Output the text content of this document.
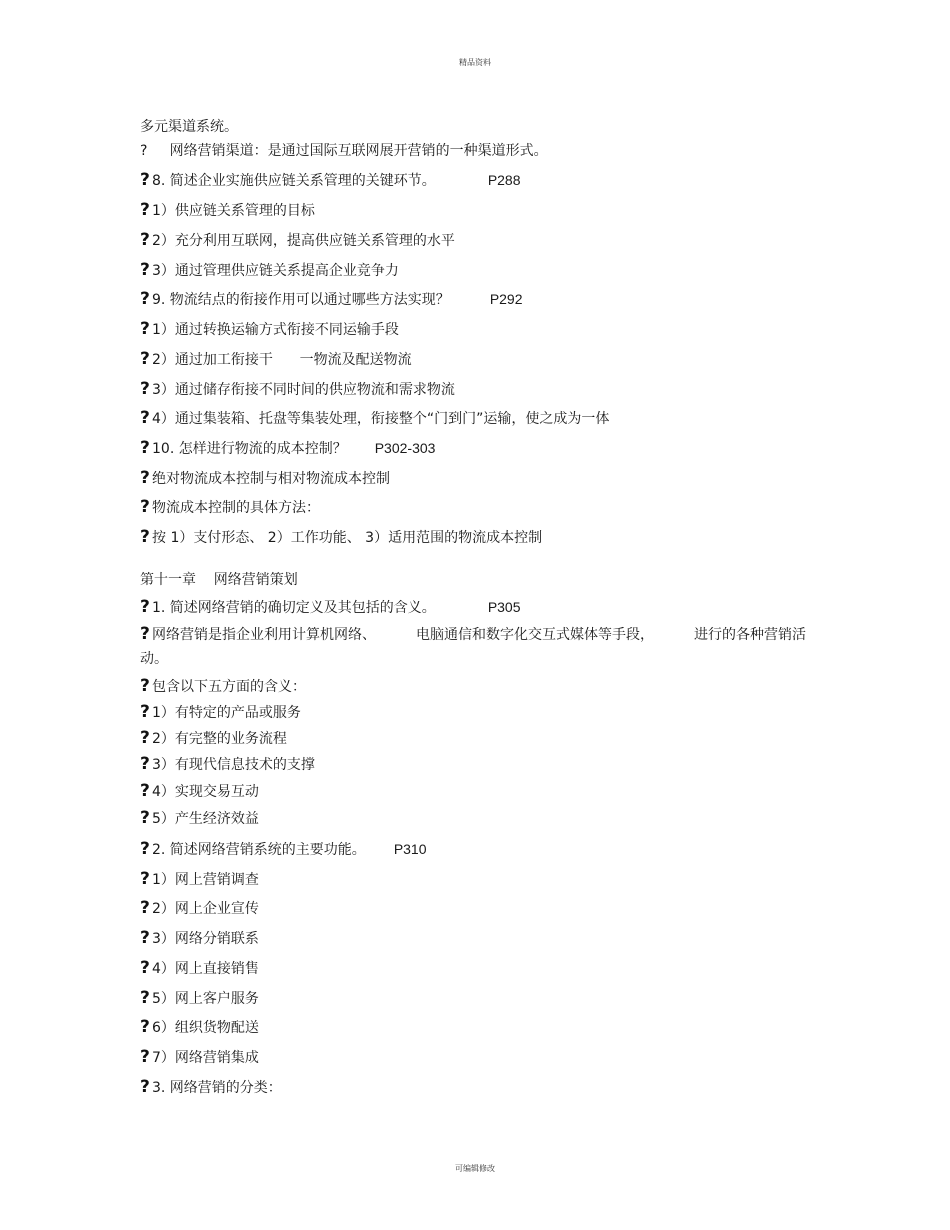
精品资料
多元渠道系统。
?     网络营销渠道：是通过国际互联网展开营销的一种渠道形式。
? 8. 简述企业实施供应链关系管理的关键环节。	P288
? 1）供应链关系管理的目标
? 2）充分利用互联网，提高供应链关系管理的水平
? 3）通过管理供应链关系提高企业竞争力
? 9. 物流结点的衔接作用可以通过哪些方法实现？	P292
? 1）通过转换运输方式衔接不同运输手段
? 2）通过加工衔接干      一物流及配送物流
? 3）通过储存衔接不同时间的供应物流和需求物流
? 4）通过集装箱、托盘等集装处理，衔接整个“门到门”运输，使之成为一体
? 10. 怎样进行物流的成本控制？ P302-303
? 绝对物流成本控制与相对物流成本控制
? 物流成本控制的具体方法：
? 按 1）支付形态、 2）工作功能、 3）适用范围的物流成本控制
第十一章    网络营销策划
? 1. 简述网络营销的确切定义及其包括的含义。	P305
? 网络营销是指企业利用计算机网络、	电脑通信和数字化交互式媒体等手段，	进行的各种营销活
动。
? 包含以下五方面的含义：
? 1）有特定的产品或服务
? 2）有完整的业务流程
? 3）有现代信息技术的支撑
? 4）实现交易互动
? 5）产生经济效益
? 2. 简述网络营销系统的主要功能。 P310
? 1）网上营销调查
? 2）网上企业宣传
? 3）网络分销联系
? 4）网上直接销售
? 5）网上客户服务
? 6）组织货物配送
? 7）网络营销集成
? 3. 网络营销的分类：
可编辑修改
